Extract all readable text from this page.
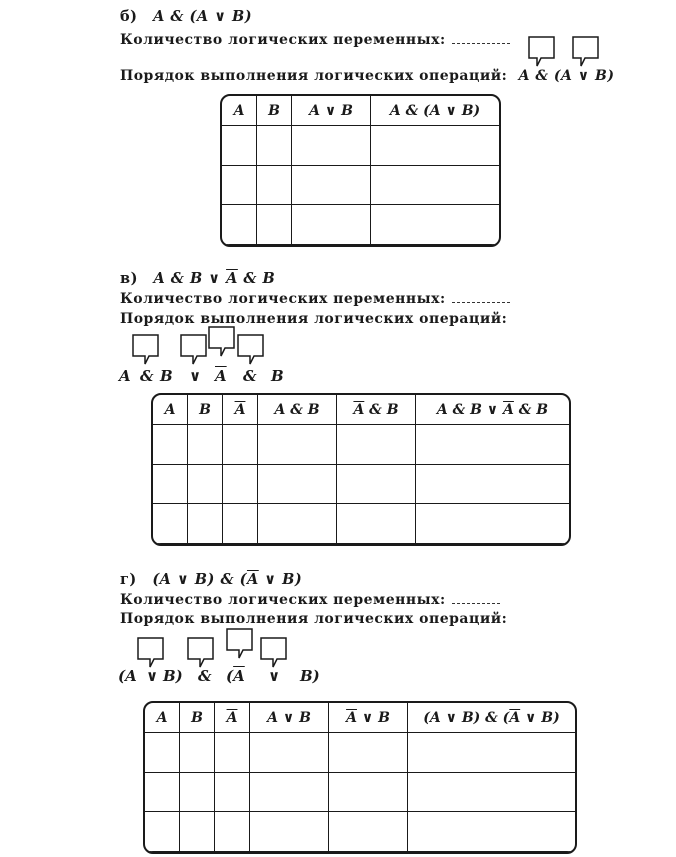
б) A & (A ∨ B)
Количество логических переменных:
Порядок выполнения логических операций: A & (A ∨ B)
A	B	A ∨ B	A & (A ∨ B)

в) A & B ∨ $\overline{A}$ & B
Количество логических переменных:
Порядок выполнения логических операций:
A & B ∨ $\overline{A}$ & B
A	B	$\overline{A}$	A & B	$\overline{A}$ & B	A & B ∨ $\overline{A}$ & B

г) (A ∨ B) & ($\overline{A}$ ∨ B)
Количество логических переменных:
Порядок выполнения логических операций:
(A ∨ B) & ($\overline{A}$ ∨ B)
A	B	$\overline{A}$	A ∨ B	$\overline{A}$ ∨ B	(A ∨ B) & ($\overline{A}$ ∨ B)
